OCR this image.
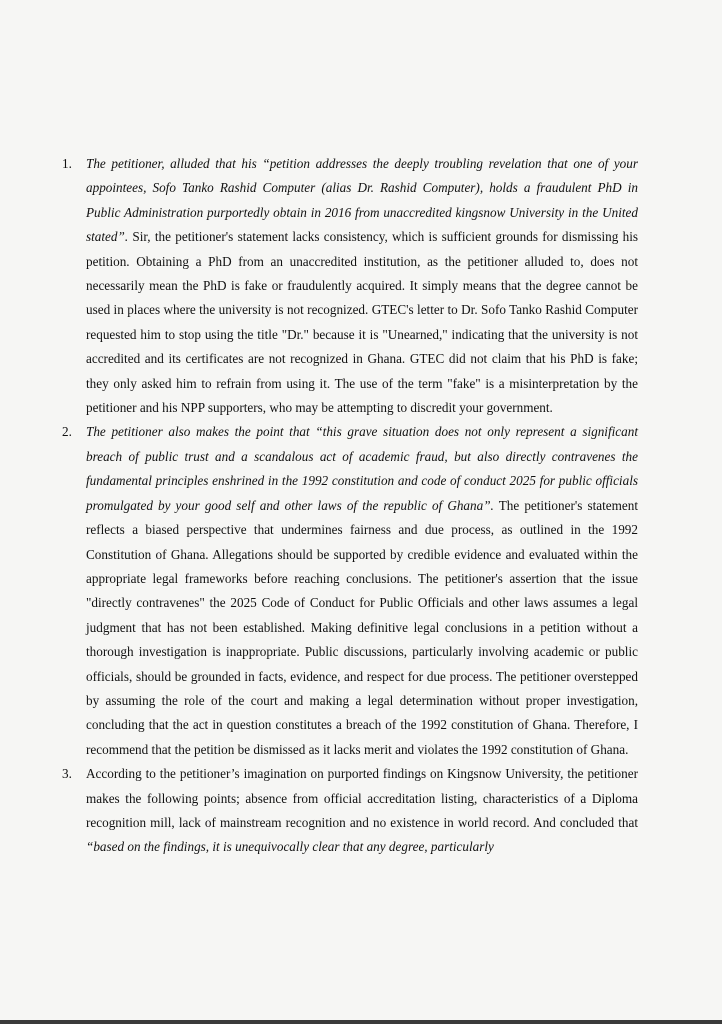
1. The petitioner, alluded that his “petition addresses the deeply troubling revelation that one of your appointees, Sofo Tanko Rashid Computer (alias Dr. Rashid Computer), holds a fraudulent PhD in Public Administration purportedly obtain in 2016 from unaccredited kingsnow University in the United stated”. Sir, the petitioner's statement lacks consistency, which is sufficient grounds for dismissing his petition. Obtaining a PhD from an unaccredited institution, as the petitioner alluded to, does not necessarily mean the PhD is fake or fraudulently acquired. It simply means that the degree cannot be used in places where the university is not recognized. GTEC's letter to Dr. Sofo Tanko Rashid Computer requested him to stop using the title "Dr." because it is "Unearned," indicating that the university is not accredited and its certificates are not recognized in Ghana. GTEC did not claim that his PhD is fake; they only asked him to refrain from using it. The use of the term "fake" is a misinterpretation by the petitioner and his NPP supporters, who may be attempting to discredit your government.
2. The petitioner also makes the point that “this grave situation does not only represent a significant breach of public trust and a scandalous act of academic fraud, but also directly contravenes the fundamental principles enshrined in the 1992 constitution and code of conduct 2025 for public officials promulgated by your good self and other laws of the republic of Ghana”. The petitioner's statement reflects a biased perspective that undermines fairness and due process, as outlined in the 1992 Constitution of Ghana. Allegations should be supported by credible evidence and evaluated within the appropriate legal frameworks before reaching conclusions. The petitioner's assertion that the issue "directly contravenes" the 2025 Code of Conduct for Public Officials and other laws assumes a legal judgment that has not been established. Making definitive legal conclusions in a petition without a thorough investigation is inappropriate. Public discussions, particularly involving academic or public officials, should be grounded in facts, evidence, and respect for due process. The petitioner overstepped by assuming the role of the court and making a legal determination without proper investigation, concluding that the act in question constitutes a breach of the 1992 constitution of Ghana. Therefore, I recommend that the petition be dismissed as it lacks merit and violates the 1992 constitution of Ghana.
3. According to the petitioner’s imagination on purported findings on Kingsnow University, the petitioner makes the following points; absence from official accreditation listing, characteristics of a Diploma recognition mill, lack of mainstream recognition and no existence in world record. And concluded that “based on the findings, it is unequivocally clear that any degree, particularly
